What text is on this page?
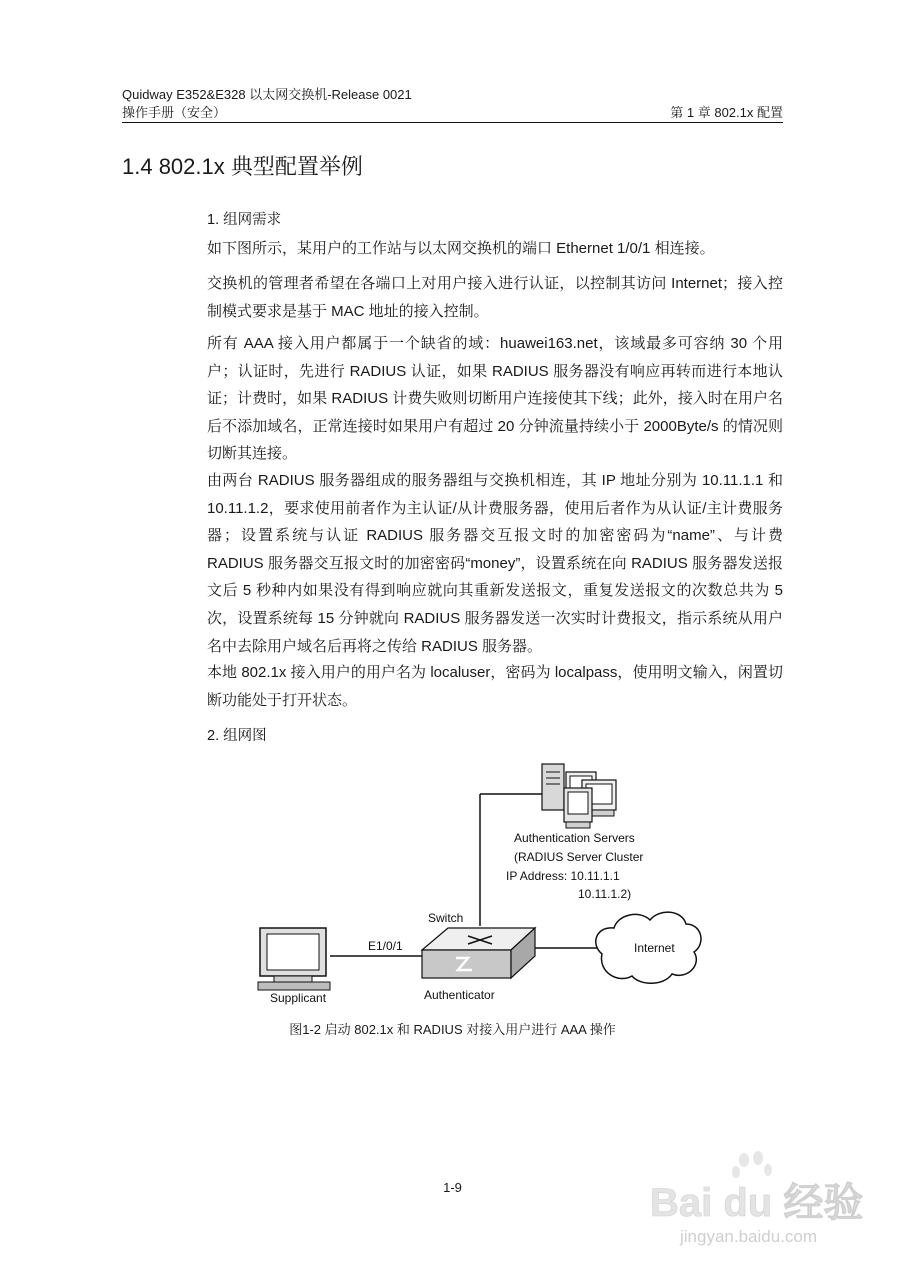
Quidway E352&E328 以太网交换机-Release 0021
操作手册（安全）	第 1 章 802.1x 配置
1.4 802.1x 典型配置举例

1. 组网需求

如下图所示，某用户的工作站与以太网交换机的端口 Ethernet 1/0/1 相连接。

交换机的管理者希望在各端口上对用户接入进行认证，以控制其访问 Internet；接入控制模式要求是基于 MAC 地址的接入控制。

所有 AAA 接入用户都属于一个缺省的域：huawei163.net，该域最多可容纳 30 个用户；认证时，先进行 RADIUS 认证，如果 RADIUS 服务器没有响应再转而进行本地认证；计费时，如果 RADIUS 计费失败则切断用户连接使其下线；此外，接入时在用户名后不添加域名，正常连接时如果用户有超过 20 分钟流量持续小于 2000Byte/s 的情况则切断其连接。

由两台 RADIUS 服务器组成的服务器组与交换机相连，其 IP 地址分别为 10.11.1.1 和 10.11.1.2，要求使用前者作为主认证/从计费服务器，使用后者作为从认证/主计费服务器；设置系统与认证 RADIUS 服务器交互报文时的加密密码为“name”、与计费 RADIUS 服务器交互报文时的加密密码“money”，设置系统在向 RADIUS 服务器发送报文后 5 秒种内如果没有得到响应就向其重新发送报文，重复发送报文的次数总共为 5 次，设置系统每 15 分钟就向 RADIUS 服务器发送一次实时计费报文，指示系统从用户名中去除用户域名后再将之传给 RADIUS 服务器。

本地 802.1x 接入用户的用户名为 localuser，密码为 localpass，使用明文输入，闲置切断功能处于打开状态。

2. 组网图

Authentication Servers
(RADIUS Server Cluster
IP Address: 10.11.1.1
10.11.1.2)
Switch
Authenticator
E1/0/1
Supplicant
Internet
图1-2 启动 802.1x 和 RADIUS 对接入用户进行 AAA 操作
1-9	Bai du 经验
jingyan.baidu.com
